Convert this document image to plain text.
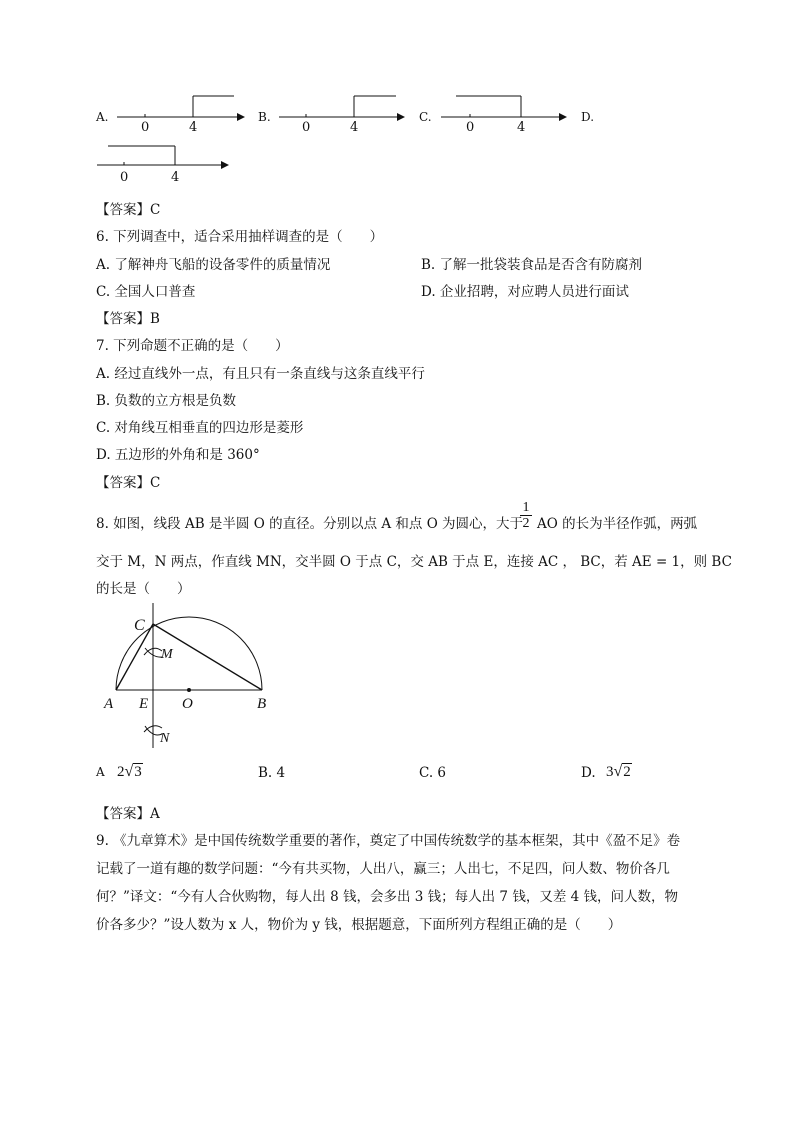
A.
0	4
B.
0	4
C.
0	4
D.
0	4
【答案】C
6. 下列调查中，适合采用抽样调查的是（　　）
A. 了解神舟飞船的设备零件的质量情况	B. 了解一批袋装食品是否含有防腐剂
C. 全国人口普查	D. 企业招聘，对应聘人员进行面试
【答案】B
7. 下列命题不正确的是（　　）
A. 经过直线外一点，有且只有一条直线与这条直线平行
B. 负数的立方根是负数
C. 对角线互相垂直的四边形是菱形
D. 五边形的外角和是 360°
【答案】C
8. 如图，线段 AB 是半圆 O 的直径。分别以点 A 和点 O 为圆心，大于
1
2 AO 的长为半径作弧，两弧
交于 M，N 两点，作直线 MN，交半圆 O 于点 C，交 AB 于点 E，连接 AC ， BC，若 AE = 1，则 BC
的长是（　　）
C
M
A E O	B
N
A 2√3	B. 4	C. 6	D. 3√2
【答案】A
9. 《九章算术》是中国传统数学重要的著作，奠定了中国传统数学的基本框架，其中《盈不足》卷
记载了一道有趣的数学问题：“今有共买物，人出八，赢三；人出七，不足四，问人数、物价各几
何？”译文：“今有人合伙购物，每人出 8 钱，会多出 3 钱；每人出 7 钱，又差 4 钱，问人数，物
价各多少？”设人数为 x 人，物价为 y 钱，根据题意，下面所列方程组正确的是（　　）
